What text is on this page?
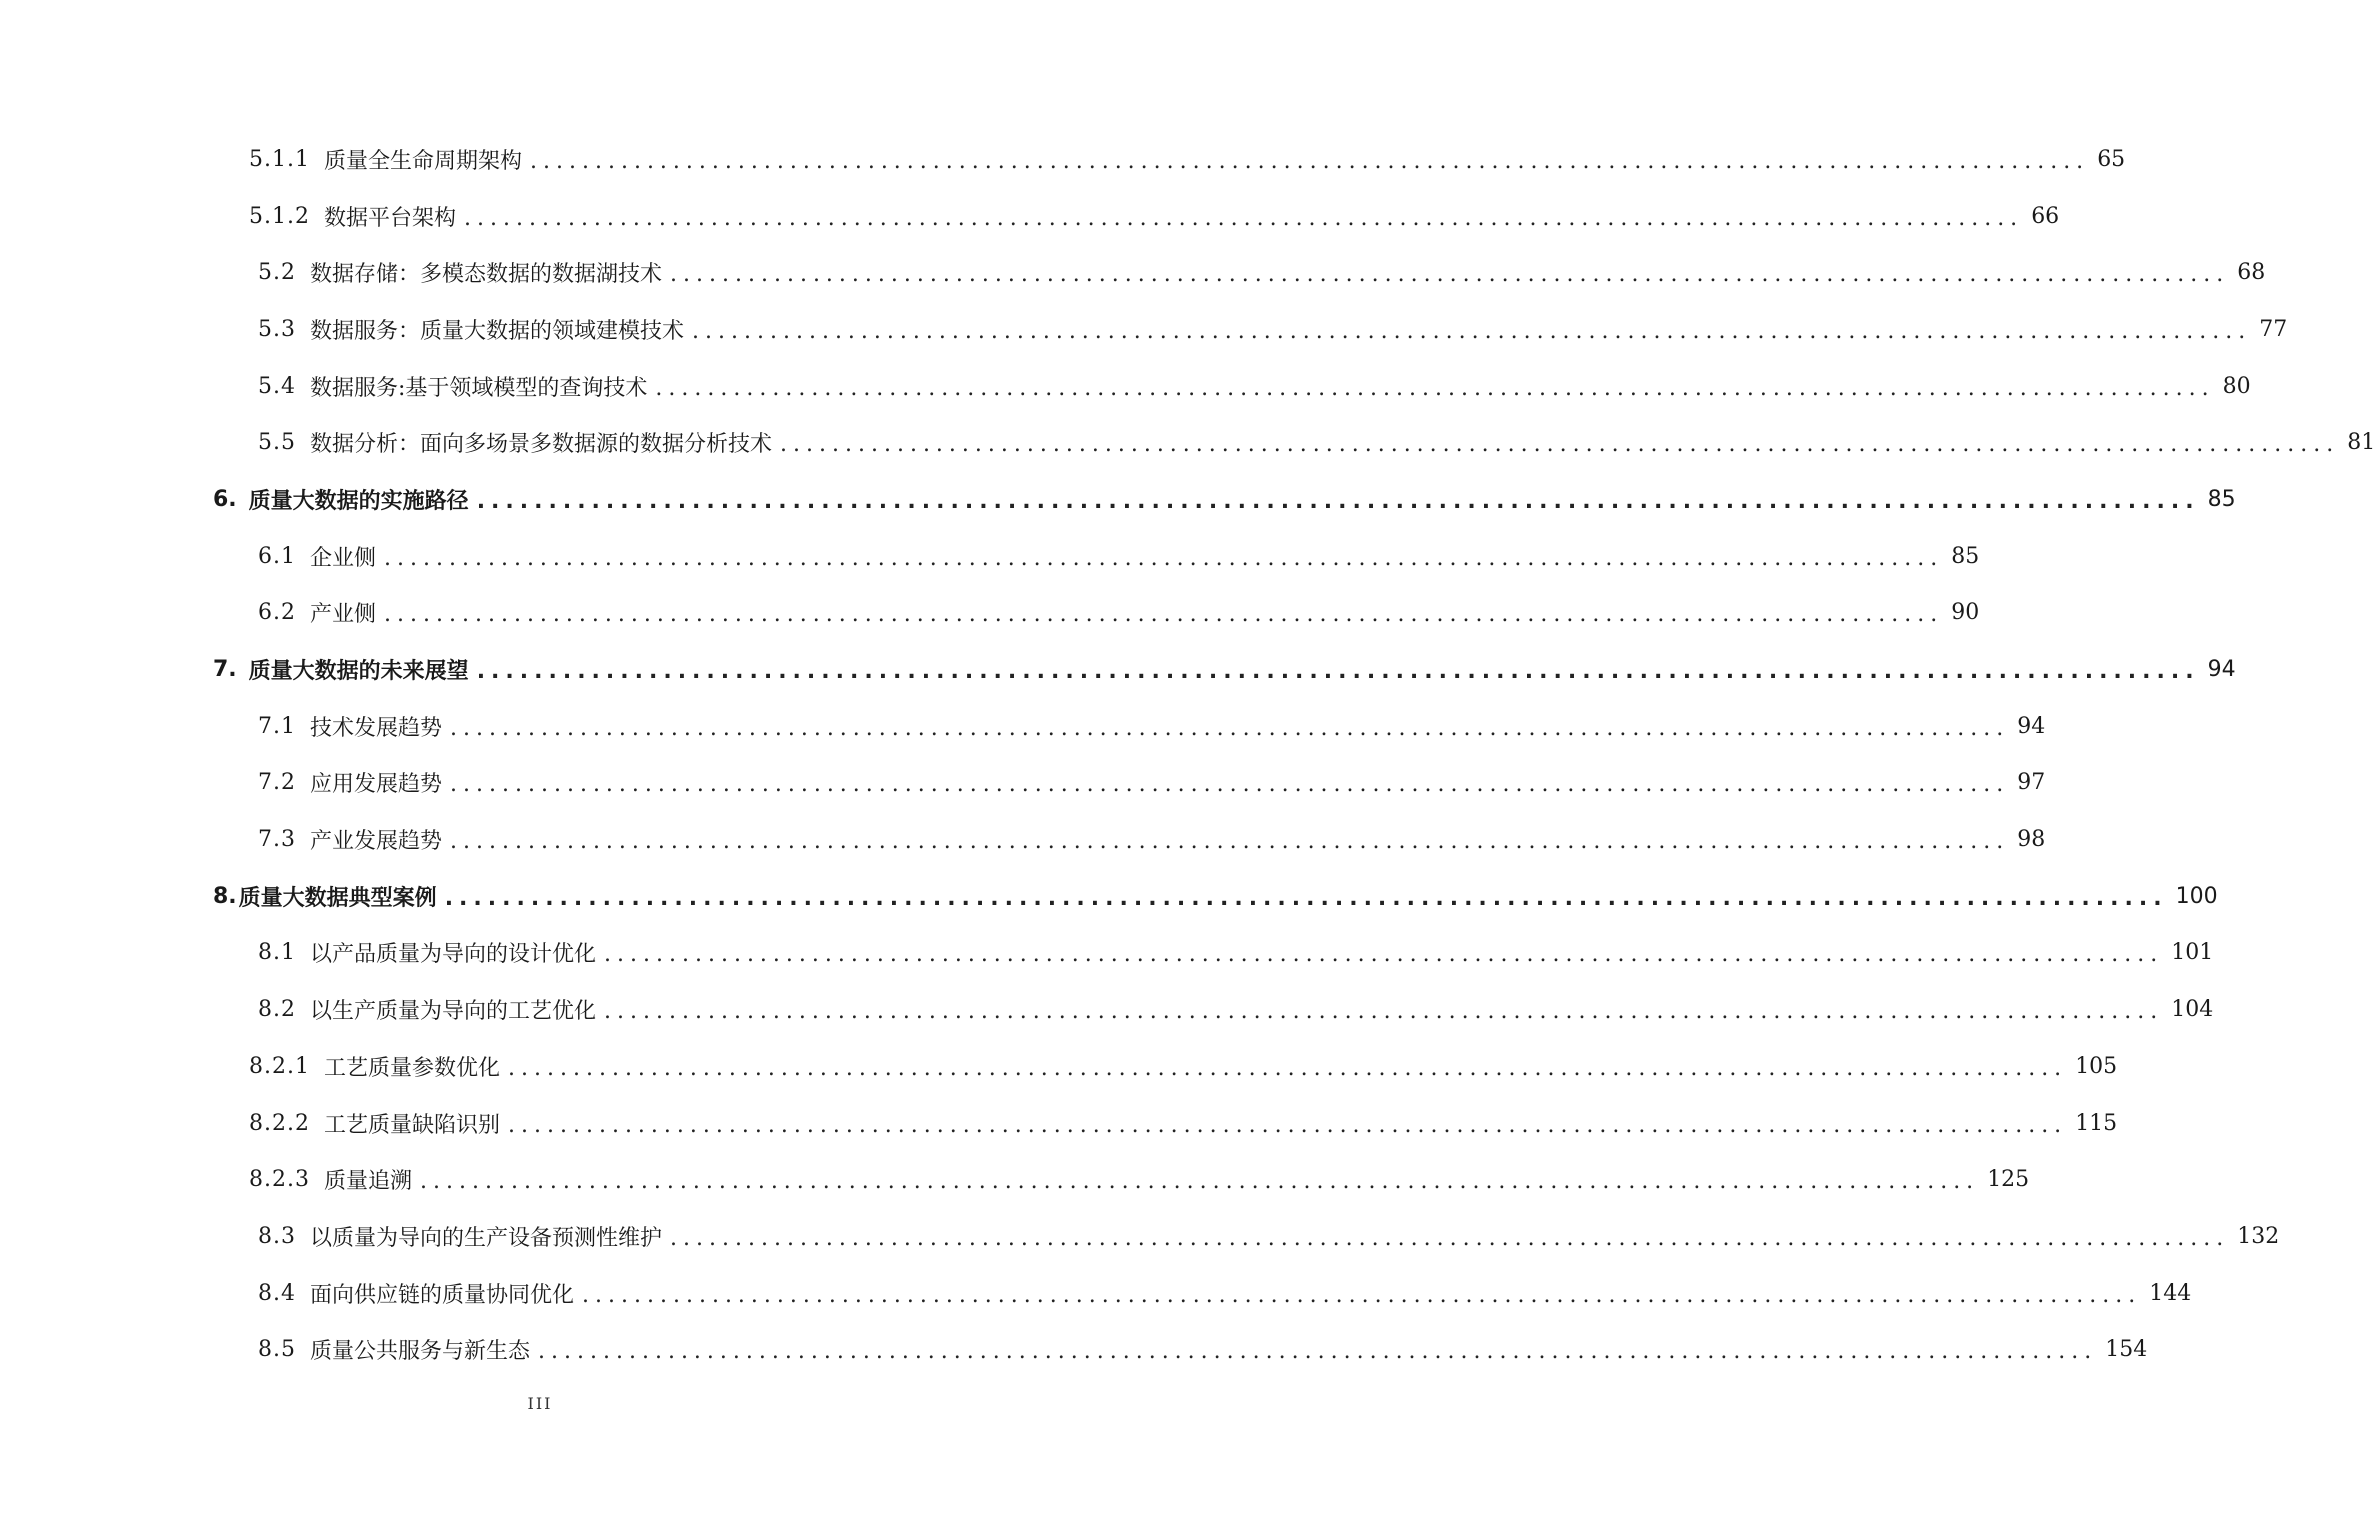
5.1.1 质量全生命周期架构 ........................................................................................................................ 65
5.1.2 数据平台架构 ........................................................................................................................ 66
5.2 数据存储：多模态数据的数据湖技术 ........................................................................................................................ 68
5.3 数据服务：质量大数据的领域建模技术 ........................................................................................................................ 77
5.4 数据服务:基于领域模型的查询技术 ........................................................................................................................ 80
5.5 数据分析：面向多场景多数据源的数据分析技术 ........................................................................................................................ 81
6. 质量大数据的实施路径 ........................................................................................................................ 85
6.1 企业侧 ........................................................................................................................ 85
6.2 产业侧 ........................................................................................................................ 90
7. 质量大数据的未来展望 ........................................................................................................................ 94
7.1 技术发展趋势 ........................................................................................................................ 94
7.2 应用发展趋势 ........................................................................................................................ 97
7.3 产业发展趋势 ........................................................................................................................ 98
8. 质量大数据典型案例 ........................................................................................................................ 100
8.1 以产品质量为导向的设计优化 ........................................................................................................................ 101
8.2 以生产质量为导向的工艺优化 ........................................................................................................................ 104
8.2.1 工艺质量参数优化 ........................................................................................................................ 105
8.2.2 工艺质量缺陷识别 ........................................................................................................................ 115
8.2.3 质量追溯 ........................................................................................................................ 125
8.3 以质量为导向的生产设备预测性维护 ........................................................................................................................ 132
8.4 面向供应链的质量协同优化 ........................................................................................................................ 144
8.5 质量公共服务与新生态 ........................................................................................................................ 154
III
